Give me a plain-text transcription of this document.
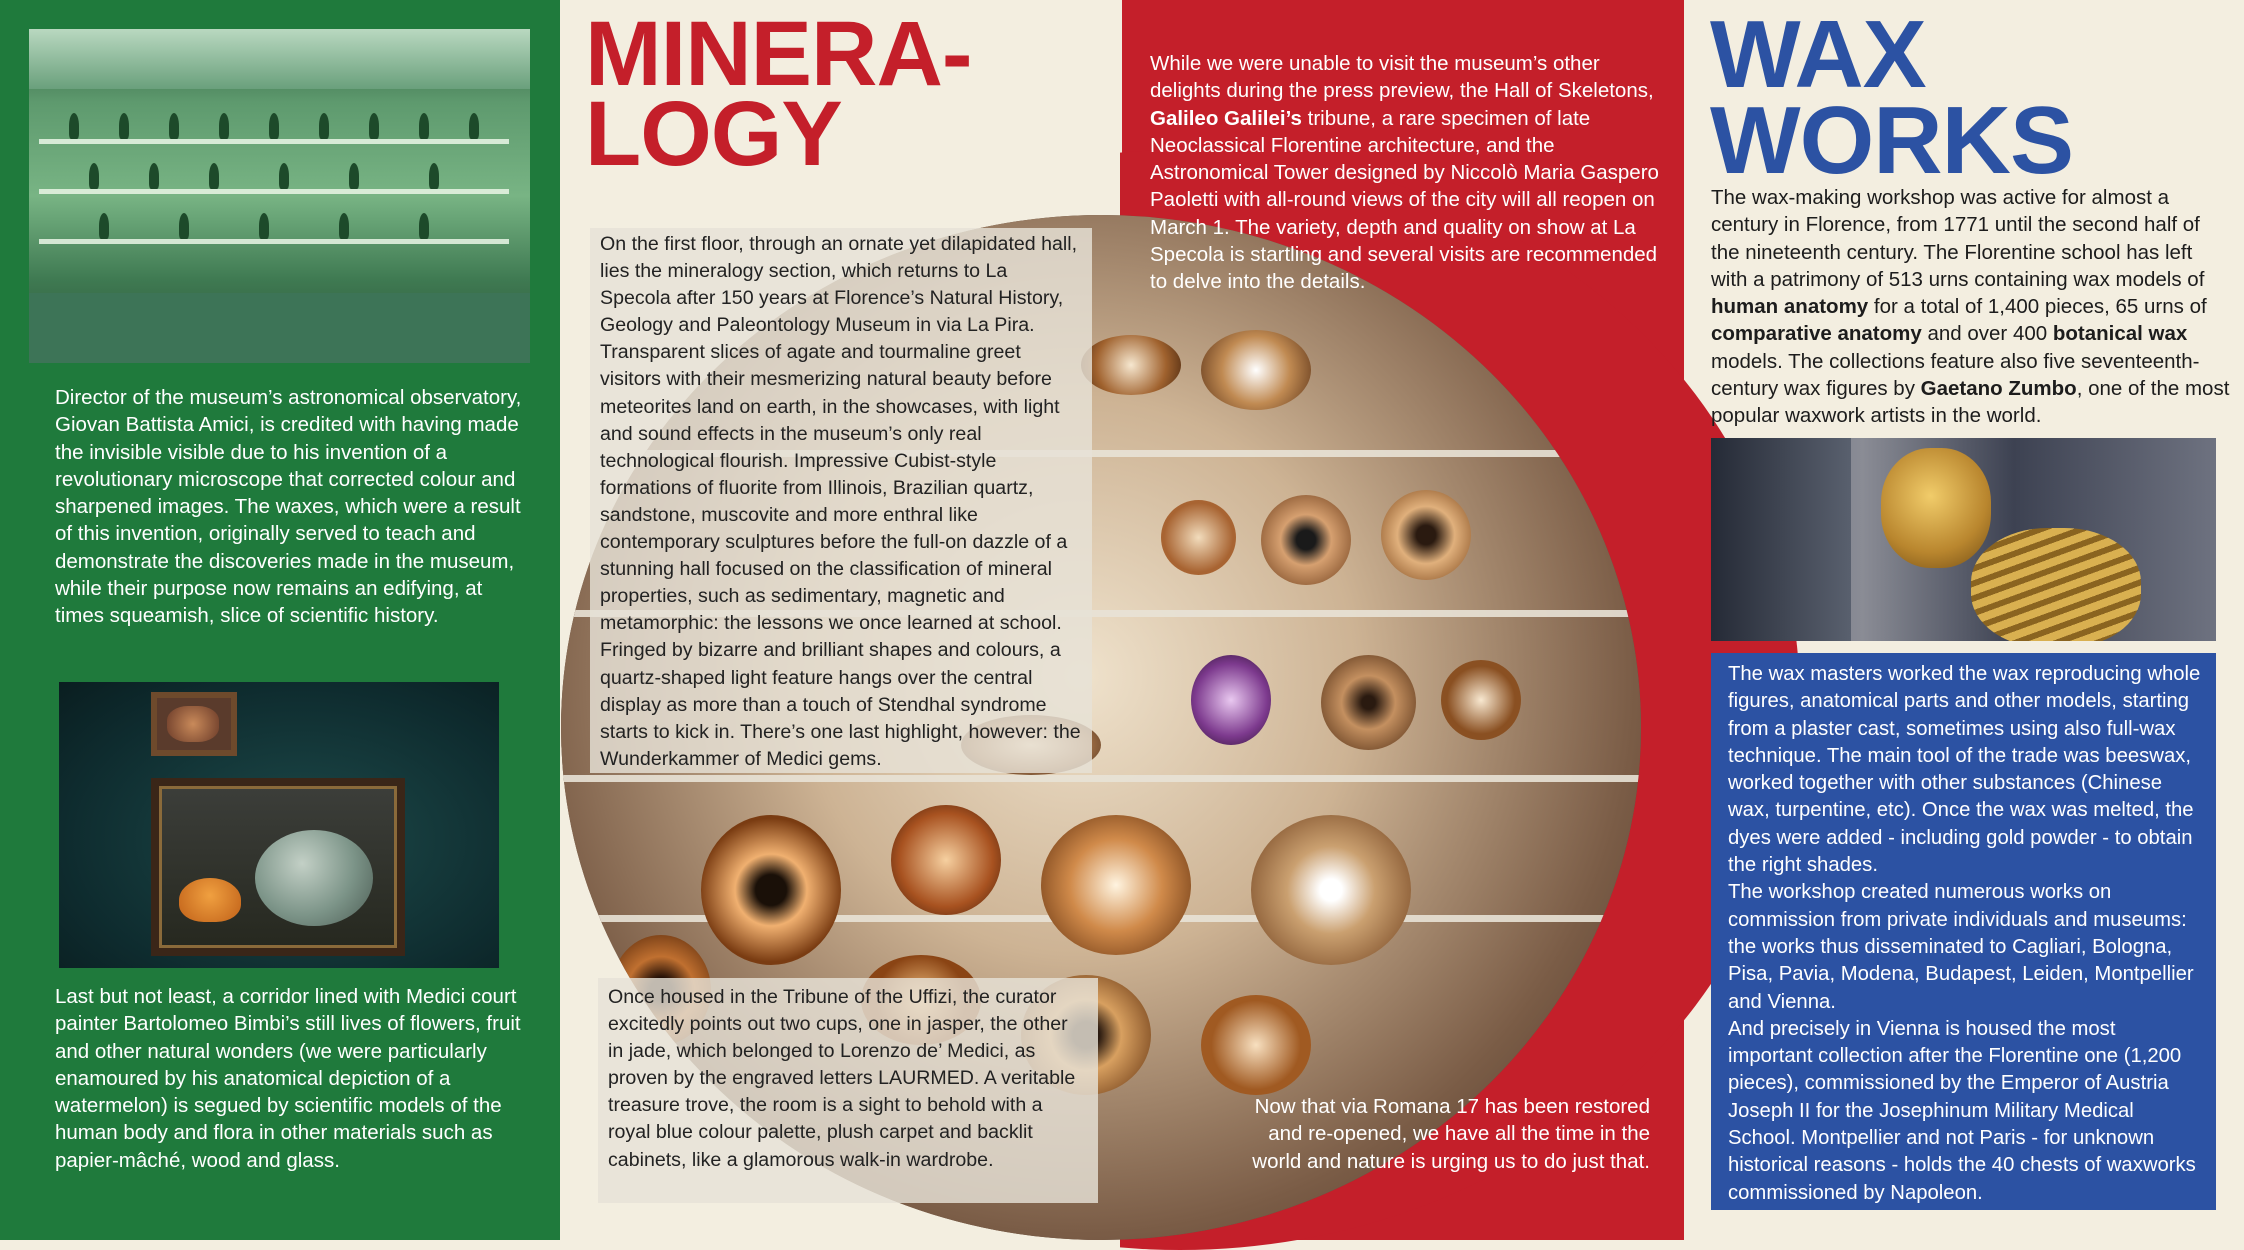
Director of the museum’s astronomical observatory, Giovan Battista Amici, is credited with having made the invisible visible due to his invention of a revolutionary microscope that corrected colour and sharpened images. The waxes, which were a result of this invention, originally served to teach and demonstrate the discoveries made in the museum, while their purpose now remains an edifying, at times squeamish, slice of scientific history.
Last but not least, a corridor lined with Medici court painter Bartolomeo Bimbi’s still lives of flowers, fruit and other natural wonders (we were particularly enamoured by his anatomical depiction of a watermelon) is segued by scientific models of the human body and flora in other materials such as papier-mâché, wood and glass.
MINERA-
LOGY

On the first floor, through an ornate yet dilapidated hall, lies the mineralogy section, which returns to La Specola after 150 years at Florence’s Natural History, Geology and Paleontology Museum in via La Pira. Transparent slices of agate and tourmaline greet visitors with their mesmerizing natural beauty before meteorites land on earth, in the showcases, with light and sound effects in the museum’s only real technological flourish. Impressive Cubist-style formations of fluorite from Illinois, Brazilian quartz, sandstone, muscovite and more enthral like contemporary sculptures before the full-on dazzle of a stunning hall focused on the classification of mineral properties, such as sedimentary, magnetic and metamorphic: the lessons we once learned at school. Fringed by bizarre and brilliant shapes and colours, a quartz-shaped light feature hangs over the central display as more than a touch of Stendhal syndrome starts to kick in. There’s one last highlight, however: the Wunderkammer of Medici gems.

Once housed in the Tribune of the Uffizi, the curator excitedly points out two cups, one in jasper, the other in jade, which belonged to Lorenzo de’ Medici, as proven by the engraved letters LAURMED. A veritable treasure trove, the room is a sight to behold with a royal blue colour palette, plush carpet and backlit cabinets, like a glamorous walk-in wardrobe.

While we were unable to visit the museum’s other delights during the press preview, the Hall of Skeletons, Galileo Galilei’s tribune, a rare specimen of late Neoclassical Florentine architecture, and the Astronomical Tower designed by Niccolò Maria Gaspero Paoletti with all-round views of the city will all reopen on March 1. The variety, depth and quality on show at La Specola is startling and several visits are recommended to delve into the details.
Now that via Romana 17 has been restored and re-opened, we have all the time in the world and nature is urging us to do just that.
WAX
WORKS
The wax-making workshop was active for almost a century in Florence, from 1771 until the second half of the nineteenth century. The Florentine school has left with a patrimony of 513 urns containing wax models of human anatomy for a total of 1,400 pieces, 65 urns of comparative anatomy and over 400 botanical wax models. The collections feature also five seventeenth-century wax figures by Gaetano Zumbo, one of the most popular waxwork artists in the world.

The wax masters worked the wax reproducing whole figures, anatomical parts and other models, starting from a plaster cast, sometimes using also full-wax technique. The main tool of the trade was beeswax, worked together with other substances (Chinese wax, turpentine, etc). Once the wax was melted, the dyes were added - including gold powder - to obtain the right shades.

The workshop created numerous works on commission from private individuals and museums: the works thus disseminated to Cagliari, Bologna, Pisa, Pavia, Modena, Budapest, Leiden, Montpellier and Vienna.

And precisely in Vienna is housed the most important collection after the Florentine one (1,200 pieces), commissioned by the Emperor of Austria Joseph II for the Josephinum Military Medical School. Montpellier and not Paris - for unknown historical reasons - holds the 40 chests of waxworks commissioned by Napoleon.
